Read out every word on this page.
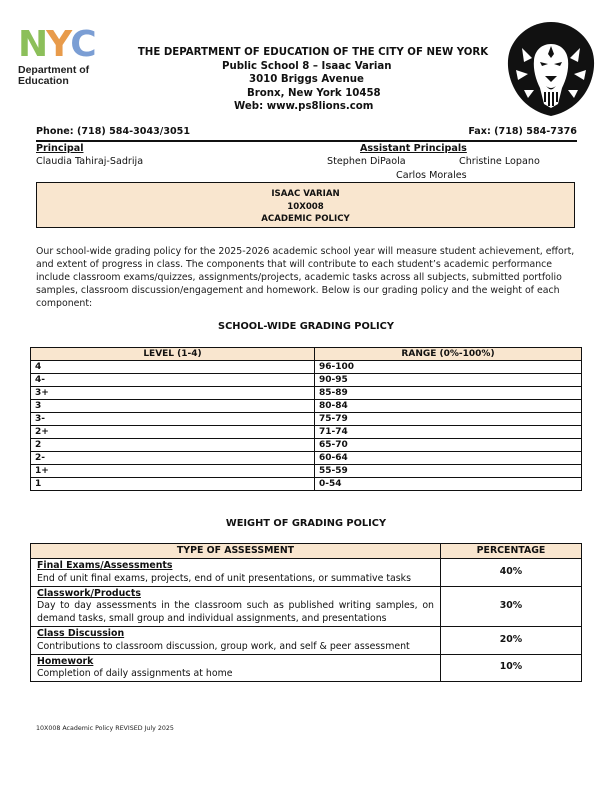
N Y C
Department of
Education
THE DEPARTMENT OF EDUCATION OF THE CITY OF NEW YORK
Public School 8 – Isaac Varian
3010 Briggs Avenue
Bronx, New York 10458
Web: www.ps8lions.com
Phone: (718) 584-3043/3051	Fax: (718) 584-7376
Principal
Claudia Tahiraj-Sadrija
Assistant Principals
Stephen DiPaola	Christine Lopano
Carlos Morales
ISAAC VARIAN
10X008
ACADEMIC POLICY
Our school-wide grading policy for the 2025-2026 academic school year will measure student achievement, effort, and extent of progress in class. The components that will contribute to each student’s academic performance include classroom exams/quizzes, assignments/projects, academic tasks across all subjects, submitted portfolio samples, classroom discussion/engagement and homework. Below is our grading policy and the weight of each component:
SCHOOL-WIDE GRADING POLICY
LEVEL (1-4)	RANGE (0%-100%)
4	96-100
4-	90-95
3+	85-89
3	80-84
3-	75-79
2+	71-74
2	65-70
2-	60-64
1+	55-59
1	0-54
WEIGHT OF GRADING POLICY
TYPE OF ASSESSMENT	PERCENTAGE

Final Exams/Assessments
End of unit final exams, projects, end of unit presentations, or summative tasks	40%

Classwork/Products
Day to day assessments in the classroom such as published writing samples, on demand tasks, small group and individual assignments, and presentations	30%

Class Discussion
Contributions to classroom discussion, group work, and self & peer assessment	20%

Homework
Completion of daily assignments at home	10%
10X008 Academic Policy REVISED July 2025
